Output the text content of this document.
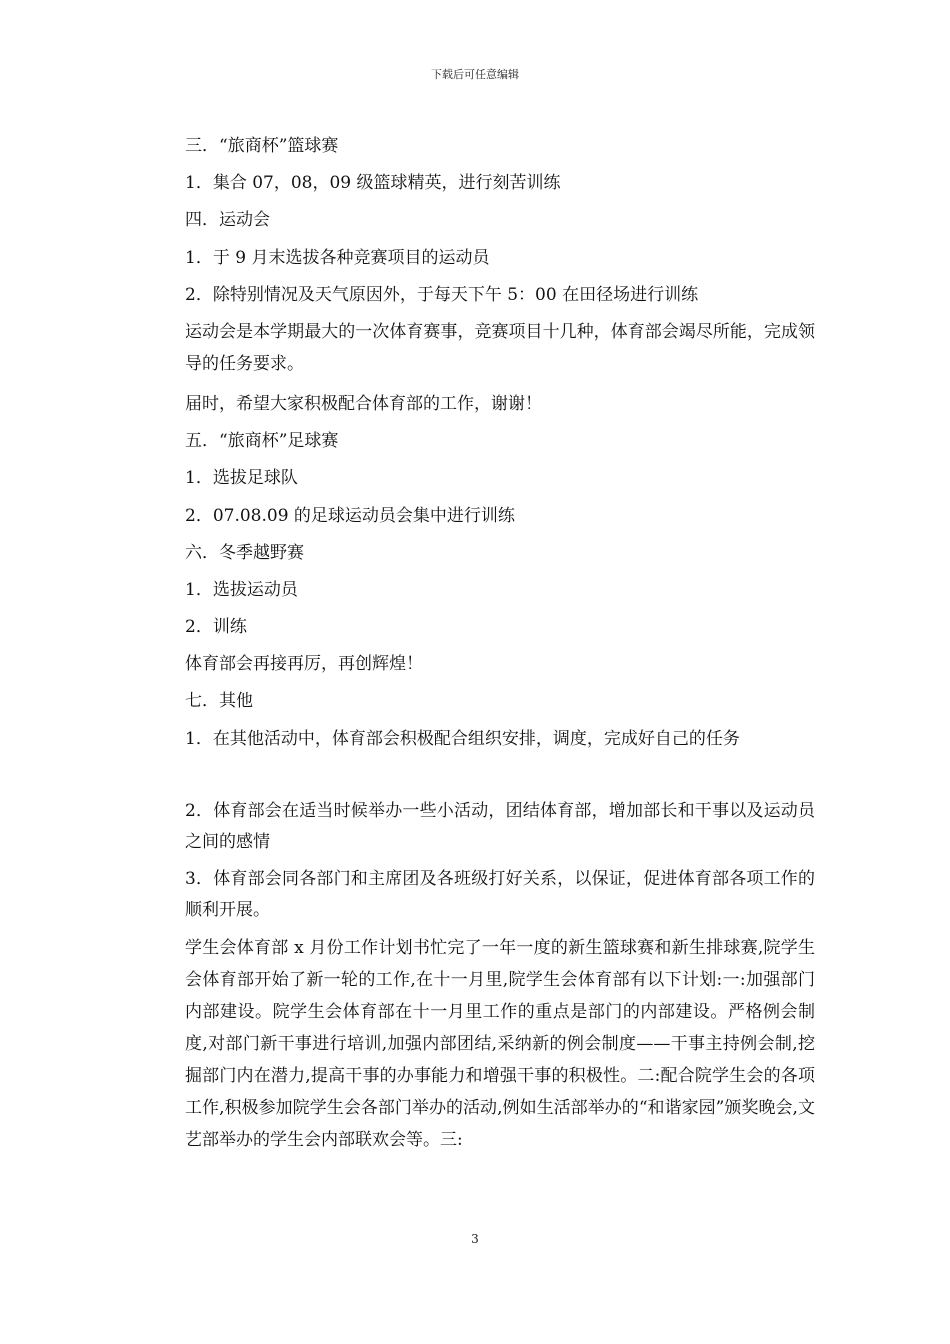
下载后可任意编辑

三．“旅商杯”篮球赛

1．集合 07，08，09 级篮球精英，进行刻苦训练

四．运动会

1．于 9 月末选拔各种竞赛项目的运动员

2．除特别情况及天气原因外，于每天下午 5：00 在田径场进行训练

运动会是本学期最大的一次体育赛事，竞赛项目十几种，体育部会竭尽所能，完成领导的任务要求。

届时，希望大家积极配合体育部的工作，谢谢！

五．“旅商杯”足球赛

1．选拔足球队

2．07.08.09 的足球运动员会集中进行训练

六．冬季越野赛

1．选拔运动员

2．训练

体育部会再接再厉，再创辉煌！

七．其他

1．在其他活动中，体育部会积极配合组织安排，调度，完成好自己的任务

2．体育部会在适当时候举办一些小活动，团结体育部，增加部长和干事以及运动员之间的感情

3．体育部会同各部门和主席团及各班级打好关系，以保证，促进体育部各项工作的顺利开展。

学生会体育部 x 月份工作计划书忙完了一年一度的新生篮球赛和新生排球赛,院学生会体育部开始了新一轮的工作,在十一月里,院学生会体育部有以下计划:一:加强部门内部建设。院学生会体育部在十一月里工作的重点是部门的内部建设。严格例会制度,对部门新干事进行培训,加强内部团结,采纳新的例会制度——干事主持例会制,挖掘部门内在潜力,提高干事的办事能力和增强干事的积极性。二:配合院学生会的各项工作,积极参加院学生会各部门举办的活动,例如生活部举办的“和谐家园”颁奖晚会,文艺部举办的学生会内部联欢会等。三:

3
